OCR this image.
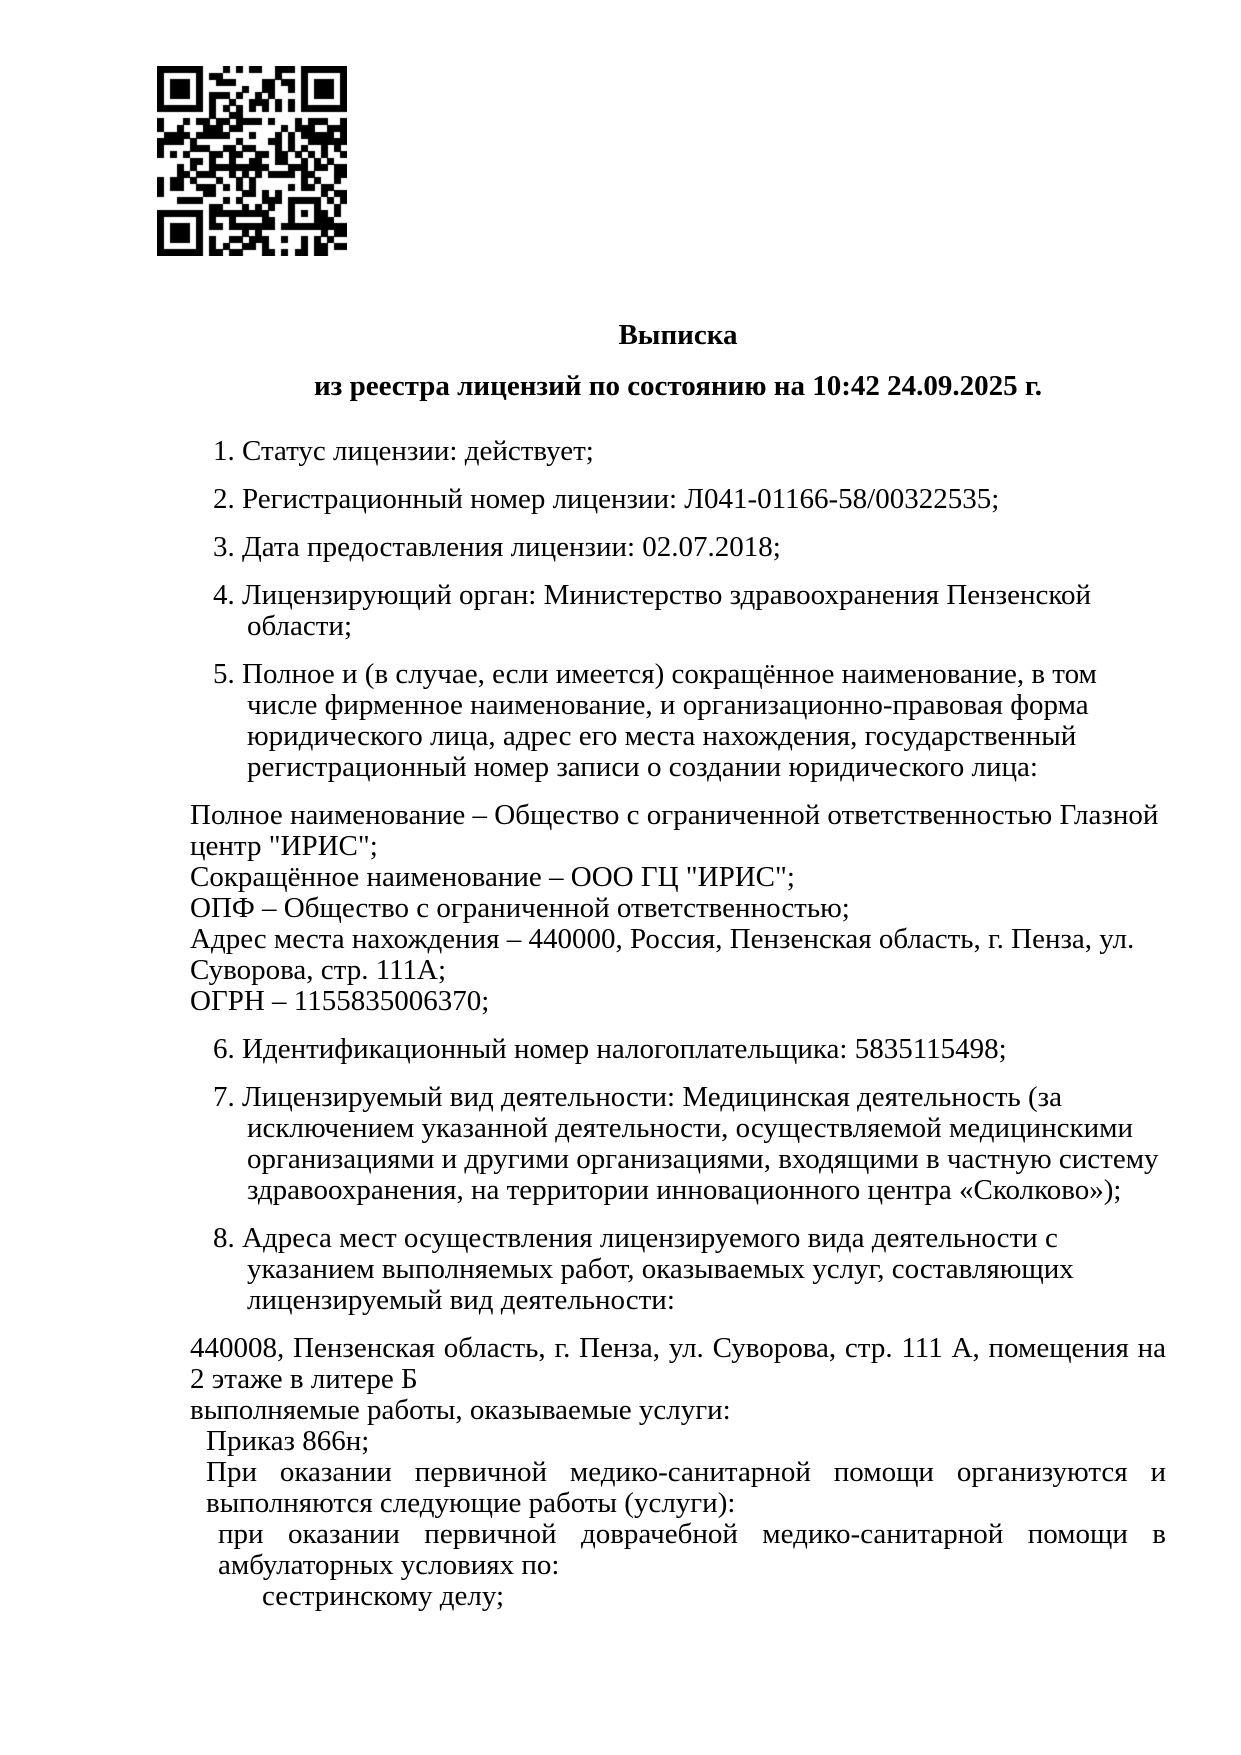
Выписка
из реестра лицензий по состоянию на 10:42 24.09.2025 г.
1. Статус лицензии: действует;
2. Регистрационный номер лицензии: Л041-01166-58/00322535;
3. Дата предоставления лицензии: 02.07.2018;
4. Лицензирующий орган: Министерство здравоохранения Пензенской области;
5. Полное и (в случае, если имеется) сокращённое наименование, в том числе фирменное наименование, и организационно-правовая форма юридического лица, адрес его места нахождения, государственный регистрационный номер записи о создании юридического лица:
Полное наименование – Общество с ограниченной ответственностью Глазной центр "ИРИС";
Сокращённое наименование – ООО ГЦ "ИРИС";
ОПФ – Общество с ограниченной ответственностью;
Адрес места нахождения – 440000, Россия, Пензенская область, г. Пенза, ул. Суворова, стр. 111А;
ОГРН – 1155835006370;
6. Идентификационный номер налогоплательщика: 5835115498;
7. Лицензируемый вид деятельности: Медицинская деятельность (за исключением указанной деятельности, осуществляемой медицинскими организациями и другими организациями, входящими в частную систему здравоохранения, на территории инновационного центра «Сколково»);
8. Адреса мест осуществления лицензируемого вида деятельности с указанием выполняемых работ, оказываемых услуг, составляющих лицензируемый вид деятельности:
440008, Пензенская область, г. Пенза, ул. Суворова, стр. 111 А, помещения на 2 этаже в литере Б
выполняемые работы, оказываемые услуги:
Приказ 866н;
При оказании первичной медико-санитарной помощи организуются и выполняются следующие работы (услуги):
при оказании первичной доврачебной медико-санитарной помощи в амбулаторных условиях по:
сестринскому делу;
